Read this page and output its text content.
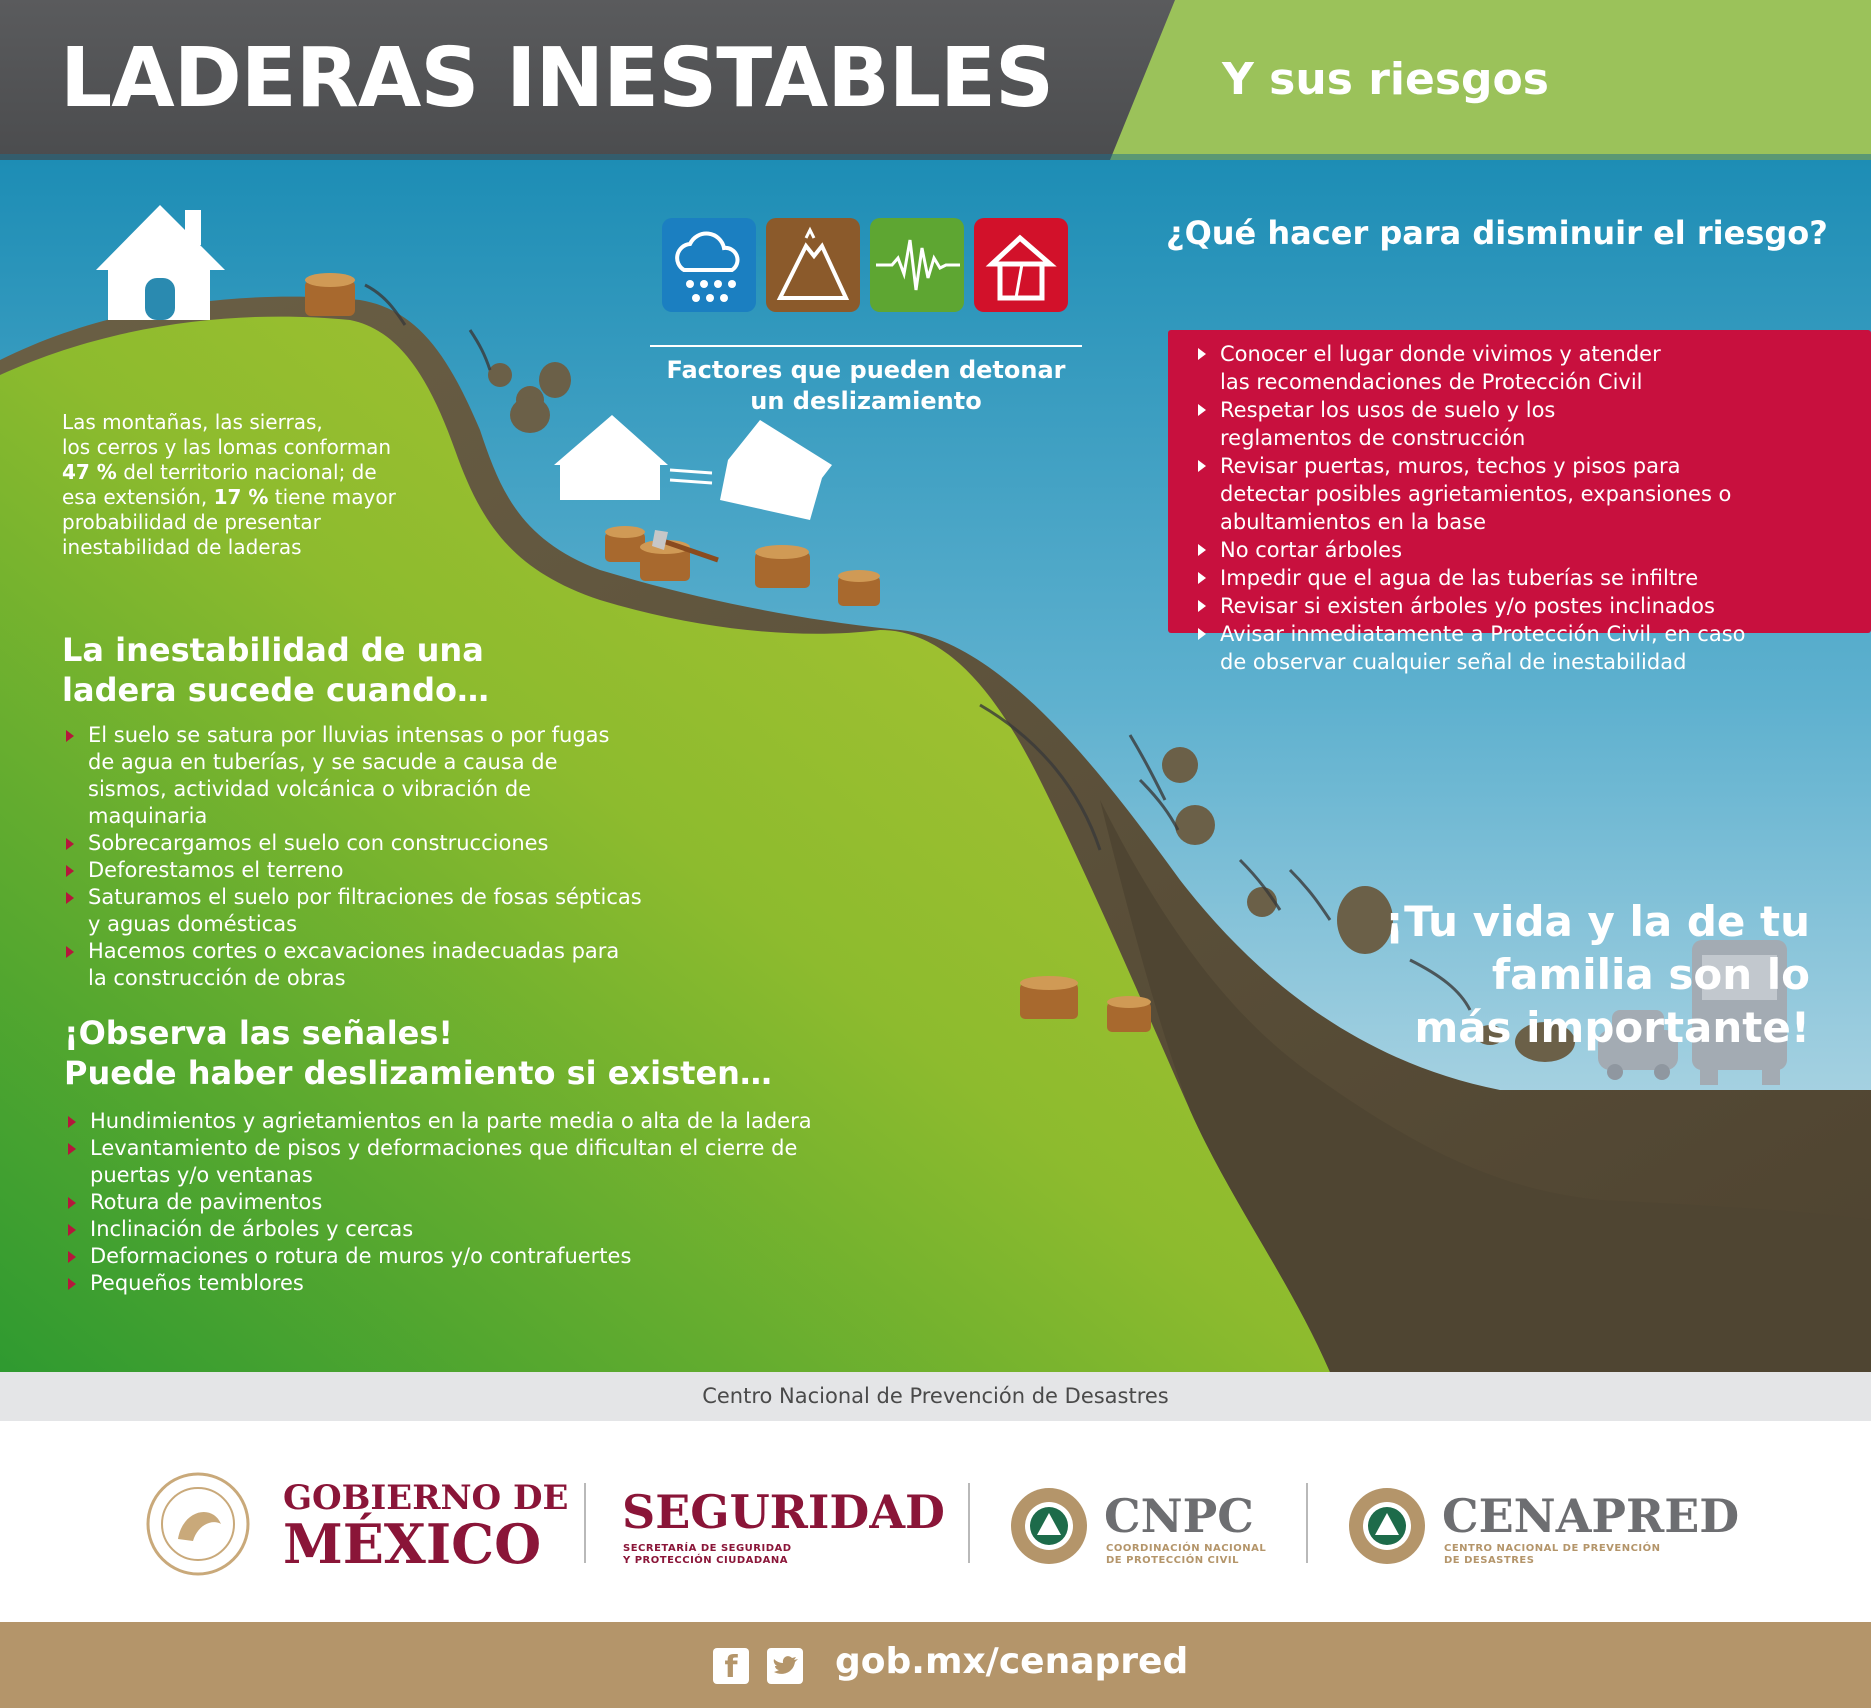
LADERAS INESTABLES	Y sus riesgos
Las montañas, las sierras,
los cerros y las lomas conforman
47 % del territorio nacional; de
esa extensión, 17 % tiene mayor
probabilidad de presentar
inestabilidad de laderas
Factores que pueden detonar
un deslizamiento
La inestabilidad de una
ladera sucede cuando…
El suelo se satura por lluvias intensas o por fugas de agua en tuberías, y se sacude a causa de sismos, actividad volcánica o vibración de maquinaria
Sobrecargamos el suelo con construcciones
Deforestamos el terreno
Saturamos el suelo por filtraciones de fosas sépticas y aguas domésticas
Hacemos cortes o excavaciones inadecuadas para la construcción de obras
¡Observa las señales!
Puede haber deslizamiento si existen…
Hundimientos y agrietamientos en la parte media o alta de la ladera
Levantamiento de pisos y deformaciones que dificultan el cierre de puertas y/o ventanas
Rotura de pavimentos
Inclinación de árboles y cercas
Deformaciones o rotura de muros y/o contrafuertes
Pequeños temblores
¿Qué hacer para disminuir el riesgo?
Conocer el lugar donde vivimos y atender las recomendaciones de Protección Civil
Respetar los usos de suelo y los reglamentos de construcción
Revisar puertas, muros, techos y pisos para detectar posibles agrietamientos, expansiones o abultamientos en la base
No cortar árboles
Impedir que el agua de las tuberías se infiltre
Revisar si existen árboles y/o postes inclinados
Avisar inmediatamente a Protección Civil, en caso de observar cualquier señal de inestabilidad
¡Tu vida y la de tu
familia son lo
más importante!
Centro Nacional de Prevención de Desastres
GOBIERNO DE
MÉXICO SEGURIDAD
SECRETARÍA DE SEGURIDAD
Y PROTECCIÓN CIUDADANA
CNPC
COORDINACIÓN NACIONAL
DE PROTECCIÓN CIVIL
CENAPRED
CENTRO NACIONAL DE PREVENCIÓN
DE DESASTRES
f	gob.mx/cenapred
